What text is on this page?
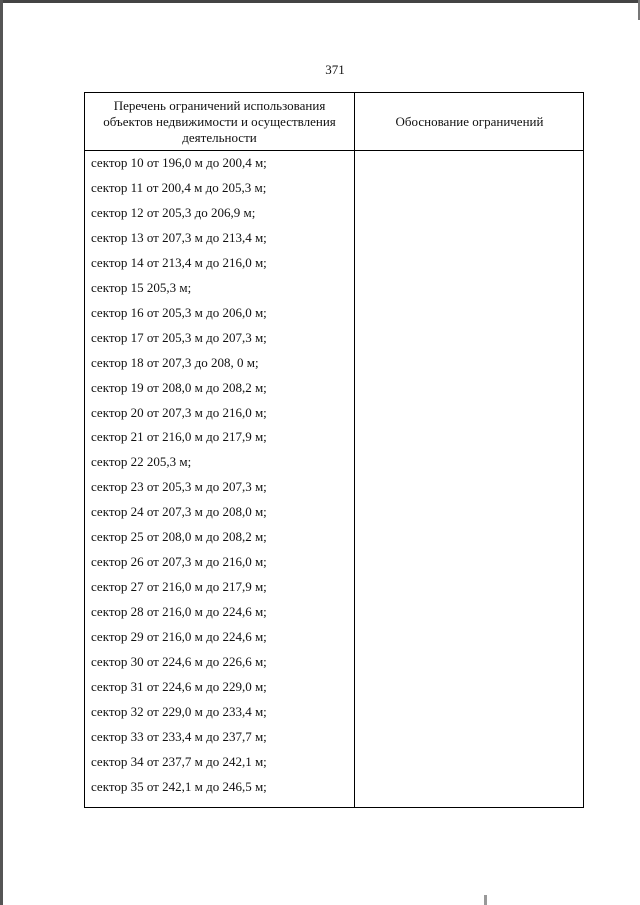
371
Перечень ограничений использования объектов недвижимости и осуществления деятельности
Обоснование ограничений
сектор 10 от 196,0 м до 200,4 м;
сектор 11 от 200,4 м до 205,3 м;
сектор 12 от 205,3 до 206,9 м;
сектор 13 от 207,3 м до 213,4 м;
сектор 14 от 213,4 м до 216,0 м;
сектор 15 205,3 м;
сектор 16 от 205,3 м до 206,0 м;
сектор 17 от 205,3 м до 207,3 м;
сектор 18 от 207,3 до 208, 0 м;
сектор 19 от 208,0 м до 208,2 м;
сектор 20 от 207,3 м до 216,0 м;
сектор 21 от 216,0 м до 217,9 м;
сектор 22 205,3 м;
сектор 23 от 205,3 м до 207,3 м;
сектор 24 от 207,3 м до 208,0 м;
сектор 25 от 208,0 м до 208,2 м;
сектор 26 от 207,3 м до 216,0 м;
сектор 27 от 216,0 м до 217,9 м;
сектор 28 от 216,0 м до 224,6 м;
сектор 29 от 216,0 м до 224,6 м;
сектор 30 от 224,6 м до 226,6 м;
сектор 31 от 224,6 м до 229,0 м;
сектор 32 от 229,0 м до 233,4 м;
сектор 33 от 233,4 м до 237,7 м;
сектор 34 от 237,7 м до 242,1 м;
сектор 35 от 242,1 м до 246,5 м;
